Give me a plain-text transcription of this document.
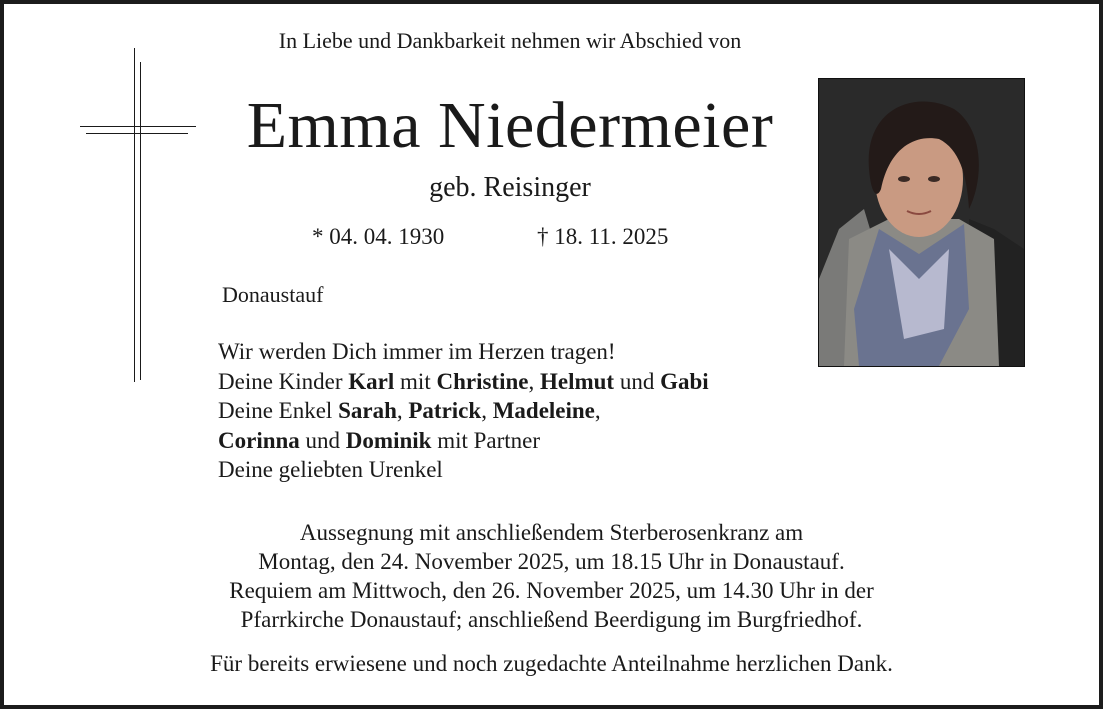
In Liebe und Dankbarkeit nehmen wir Abschied von
Emma Niedermeier
geb. Reisinger
* 04. 04. 1930	† 18. 11. 2025
Donaustauf
Wir werden Dich immer im Herzen tragen!
Deine Kinder Karl mit Christine, Helmut und Gabi
Deine Enkel Sarah, Patrick, Madeleine,
Corinna und Dominik mit Partner
Deine geliebten Urenkel
Aussegnung mit anschließendem Sterberosenkranz am
Montag, den 24. November 2025, um 18.15 Uhr in Donaustauf.
Requiem am Mittwoch, den 26. November 2025, um 14.30 Uhr in der
Pfarrkirche Donaustauf; anschließend Beerdigung im Burgfriedhof.
Für bereits erwiesene und noch zugedachte Anteilnahme herzlichen Dank.
